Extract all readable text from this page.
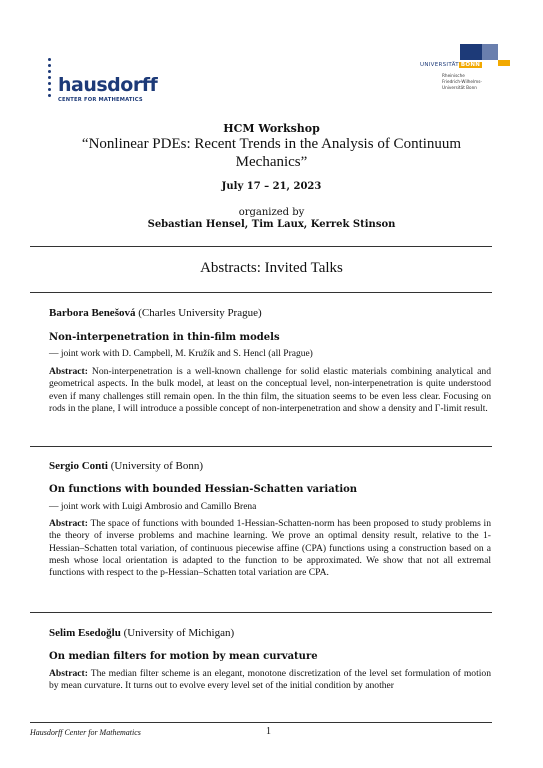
hausdorff
CENTER FOR MATHEMATICS
UNIVERSITÄT BONN
Rheinische
Friedrich-Wilhelms-
Universität Bonn
HCM Workshop
“Nonlinear PDEs: Recent Trends in the Analysis of Continuum
Mechanics”
July 17 – 21, 2023
organized by
Sebastian Hensel, Tim Laux, Kerrek Stinson
Abstracts: Invited Talks
Barbora Benešová (Charles University Prague)
Non-interpenetration in thin-film models
— joint work with D. Campbell, M. Kružík and S. Hencl (all Prague)
Abstract: Non-interpenetration is a well-known challenge for solid elastic materials combining analytical and geometrical aspects. In the bulk model, at least on the conceptual level, non-interpenetration is quite understood even if many challenges still remain open. In the thin film, the situation seems to be even less clear. Focusing on rods in the plane, I will introduce a possible concept of non-interpenetration and show a density and Γ-limit result.
Sergio Conti (University of Bonn)
On functions with bounded Hessian-Schatten variation
— joint work with Luigi Ambrosio and Camillo Brena
Abstract: The space of functions with bounded 1-Hessian-Schatten-norm has been proposed to study problems in the theory of inverse problems and machine learning. We prove an optimal density result, relative to the 1-Hessian–Schatten total variation, of continuous piecewise affine (CPA) functions using a construction based on a mesh whose local orientation is adapted to the function to be approximated. We show that not all extremal functions with respect to the p-Hessian–Schatten total variation are CPA.
Selim Esedoğlu (University of Michigan)
On median filters for motion by mean curvature
Abstract: The median filter scheme is an elegant, monotone discretization of the level set formulation of motion by mean curvature. It turns out to evolve every level set of the initial condition by another
Hausdorff Center for Mathematics	1
